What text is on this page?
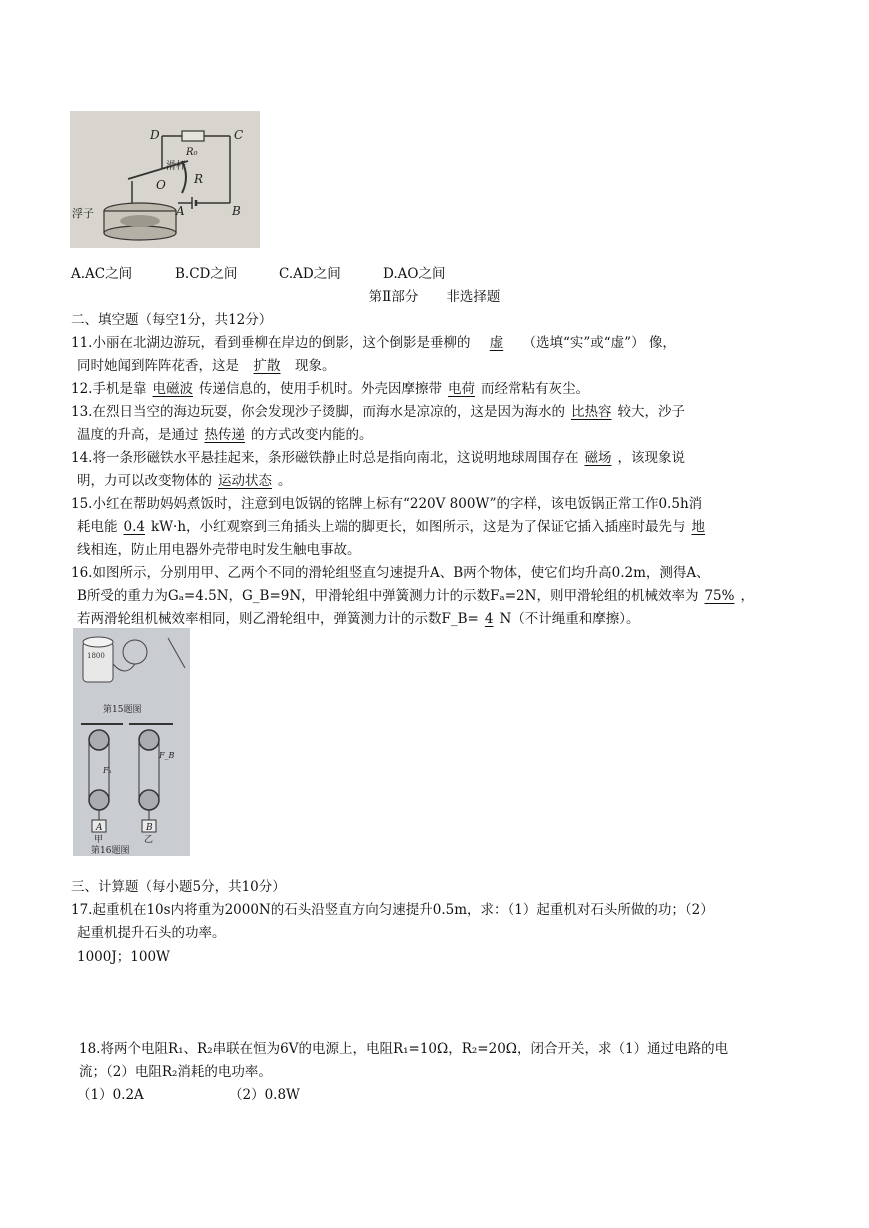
D	C
R₀
滑杆
O R
A	B
浮子
A.AC之间	B.CD之间	C.AD之间	D.AO之间
第Ⅱ部分 非选择题
二、填空题（每空1分，共12分）
11.小丽在北湖边游玩，看到垂柳在岸边的倒影，这个倒影是垂柳的 虚 （选填“实”或“虚”） 像，
同时她闻到阵阵花香，这是 扩散 现象。
12.手机是靠 电磁波 传递信息的，使用手机时。外壳因摩擦带 电荷 而经常粘有灰尘。
13.在烈日当空的海边玩耍，你会发现沙子烫脚，而海水是凉凉的，这是因为海水的 比热容 较大，沙子
温度的升高，是通过 热传递 的方式改变内能的。
14.将一条形磁铁水平悬挂起来，条形磁铁静止时总是指向南北，这说明地球周围存在 磁场 ，该现象说
明，力可以改变物体的 运动状态 。
15.小红在帮助妈妈煮饭时，注意到电饭锅的铭牌上标有“220V 800W”的字样，该电饭锅正常工作0.5h消
耗电能 0.4 kW·h，小红观察到三角插头上端的脚更长，如图所示，这是为了保证它插入插座时最先与 地
线相连，防止用电器外壳带电时发生触电事故。
16.如图所示，分别用甲、乙两个不同的滑轮组竖直匀速提升A、B两个物体，使它们均升高0.2m，测得A、
B所受的重力为Gₐ=4.5N，G_B=9N，甲滑轮组中弹簧测力计的示数Fₐ=2N，则甲滑轮组的机械效率为 75% ，
若两滑轮组机械效率相同，则乙滑轮组中，弹簧测力计的示数F_B= 4 N（不计绳重和摩擦）。
1800
第15题图
A
Fₐ
甲
B
F_B
乙
第16题图
三、计算题（每小题5分，共10分）
17.起重机在10s内将重为2000N的石头沿竖直方向匀速提升0.5m，求：（1）起重机对石头所做的功；（2）
起重机提升石头的功率。
1000J；100W
18.将两个电阻R₁、R₂串联在恒为6V的电源上，电阻R₁=10Ω，R₂=20Ω，闭合开关，求（1）通过电路的电
流；（2）电阻R₂消耗的电功率。
（1）0.2A	（2）0.8W
